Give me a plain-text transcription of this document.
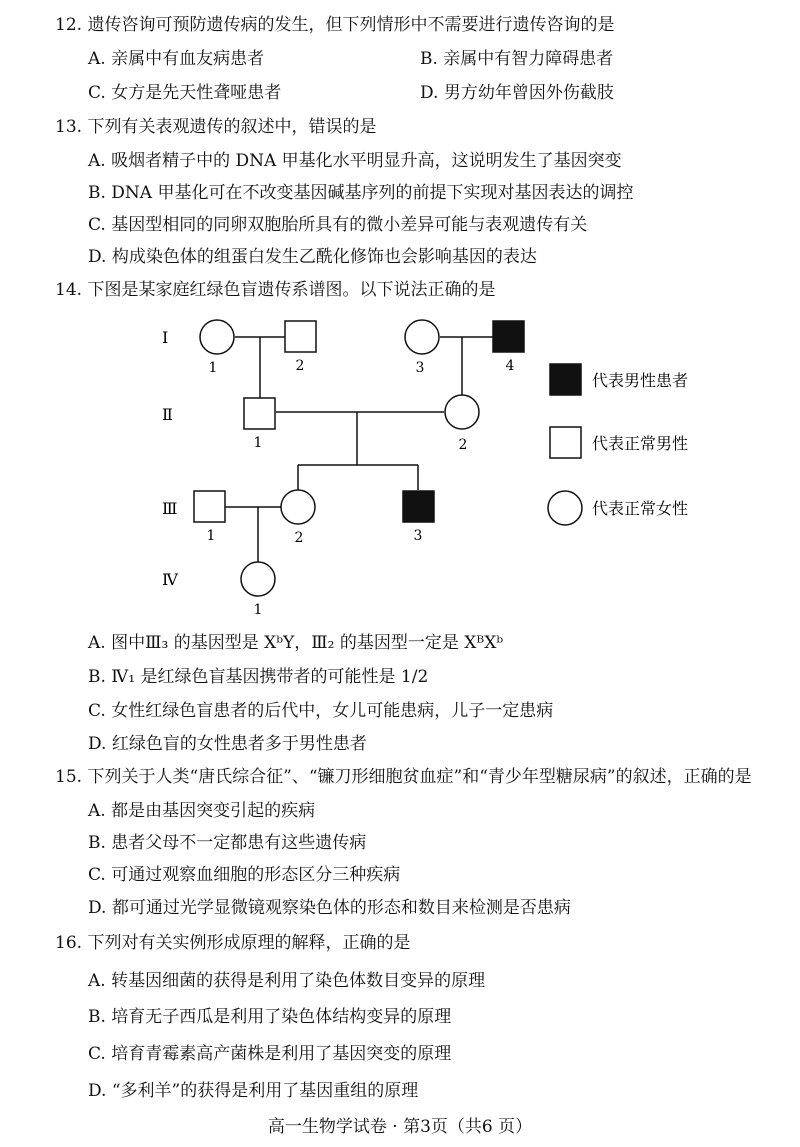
12. 遗传咨询可预防遗传病的发生，但下列情形中不需要进行遗传咨询的是
A. 亲属中有血友病患者	B. 亲属中有智力障碍患者
C. 女方是先天性聋哑患者	D. 男方幼年曾因外伤截肢
13. 下列有关表观遗传的叙述中，错误的是
A. 吸烟者精子中的 DNA 甲基化水平明显升高，这说明发生了基因突变
B. DNA 甲基化可在不改变基因碱基序列的前提下实现对基因表达的调控
C. 基因型相同的同卵双胞胎所具有的微小差异可能与表观遗传有关
D. 构成染色体的组蛋白发生乙酰化修饰也会影响基因的表达
14. 下图是某家庭红绿色盲遗传系谱图。以下说法正确的是
Ⅰ
Ⅱ
Ⅲ
Ⅳ
1	2	3	4
1	2
1	2	3
1
代表男性患者
代表正常男性
代表正常女性
A. 图中Ⅲ₃ 的基因型是 XᵇY，Ⅲ₂ 的基因型一定是 XᴮXᵇ
B. Ⅳ₁ 是红绿色盲基因携带者的可能性是 1/2
C. 女性红绿色盲患者的后代中，女儿可能患病，儿子一定患病
D. 红绿色盲的女性患者多于男性患者
15. 下列关于人类“唐氏综合征”、“镰刀形细胞贫血症”和“青少年型糖尿病”的叙述，正确的是
A. 都是由基因突变引起的疾病
B. 患者父母不一定都患有这些遗传病
C. 可通过观察血细胞的形态区分三种疾病
D. 都可通过光学显微镜观察染色体的形态和数目来检测是否患病
16. 下列对有关实例形成原理的解释，正确的是
A. 转基因细菌的获得是利用了染色体数目变异的原理
B. 培育无子西瓜是利用了染色体结构变异的原理
C. 培育青霉素高产菌株是利用了基因突变的原理
D. “多利羊”的获得是利用了基因重组的原理
高一生物学试卷 · 第3页（共6 页）
